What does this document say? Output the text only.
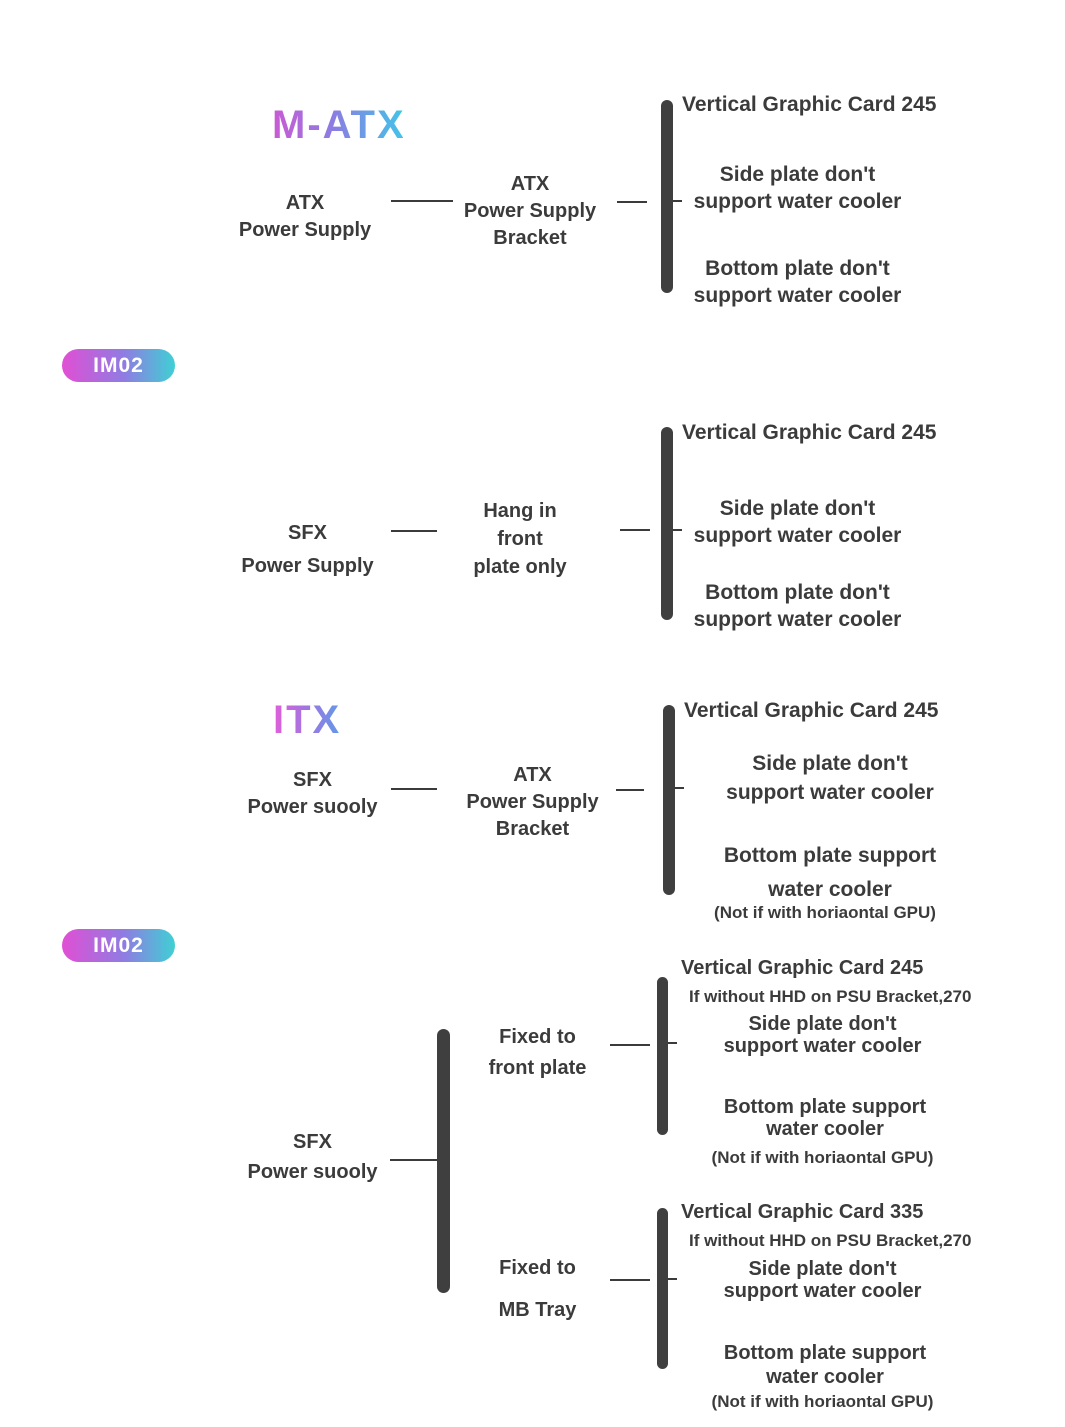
M-ATX
ATX
Power Supply
ATX
Power Supply
Bracket
Vertical Graphic Card 245
Side plate don't
support water cooler
Bottom plate don't
support water cooler
IM02
SFX
Power Supply
Hang in
front
plate only
Vertical Graphic Card 245
Side plate don't
support water cooler
Bottom plate don't
support water cooler
ITX
SFX
Power suooly
ATX
Power Supply
Bracket
Vertical Graphic Card 245
Side plate don't
support water cooler
Bottom plate support
water cooler
(Not if with horiaontal GPU)
IM02
SFX
Power suooly
Fixed to
front plate
Vertical Graphic Card 245
If without HHD on PSU Bracket,270
Side plate don't
support water cooler
Bottom plate support
water cooler
(Not if with horiaontal GPU)
Fixed to
MB Tray
Vertical Graphic Card 335
If without HHD on PSU Bracket,270
Side plate don't
support water cooler
Bottom plate support
water cooler
(Not if with horiaontal GPU)
